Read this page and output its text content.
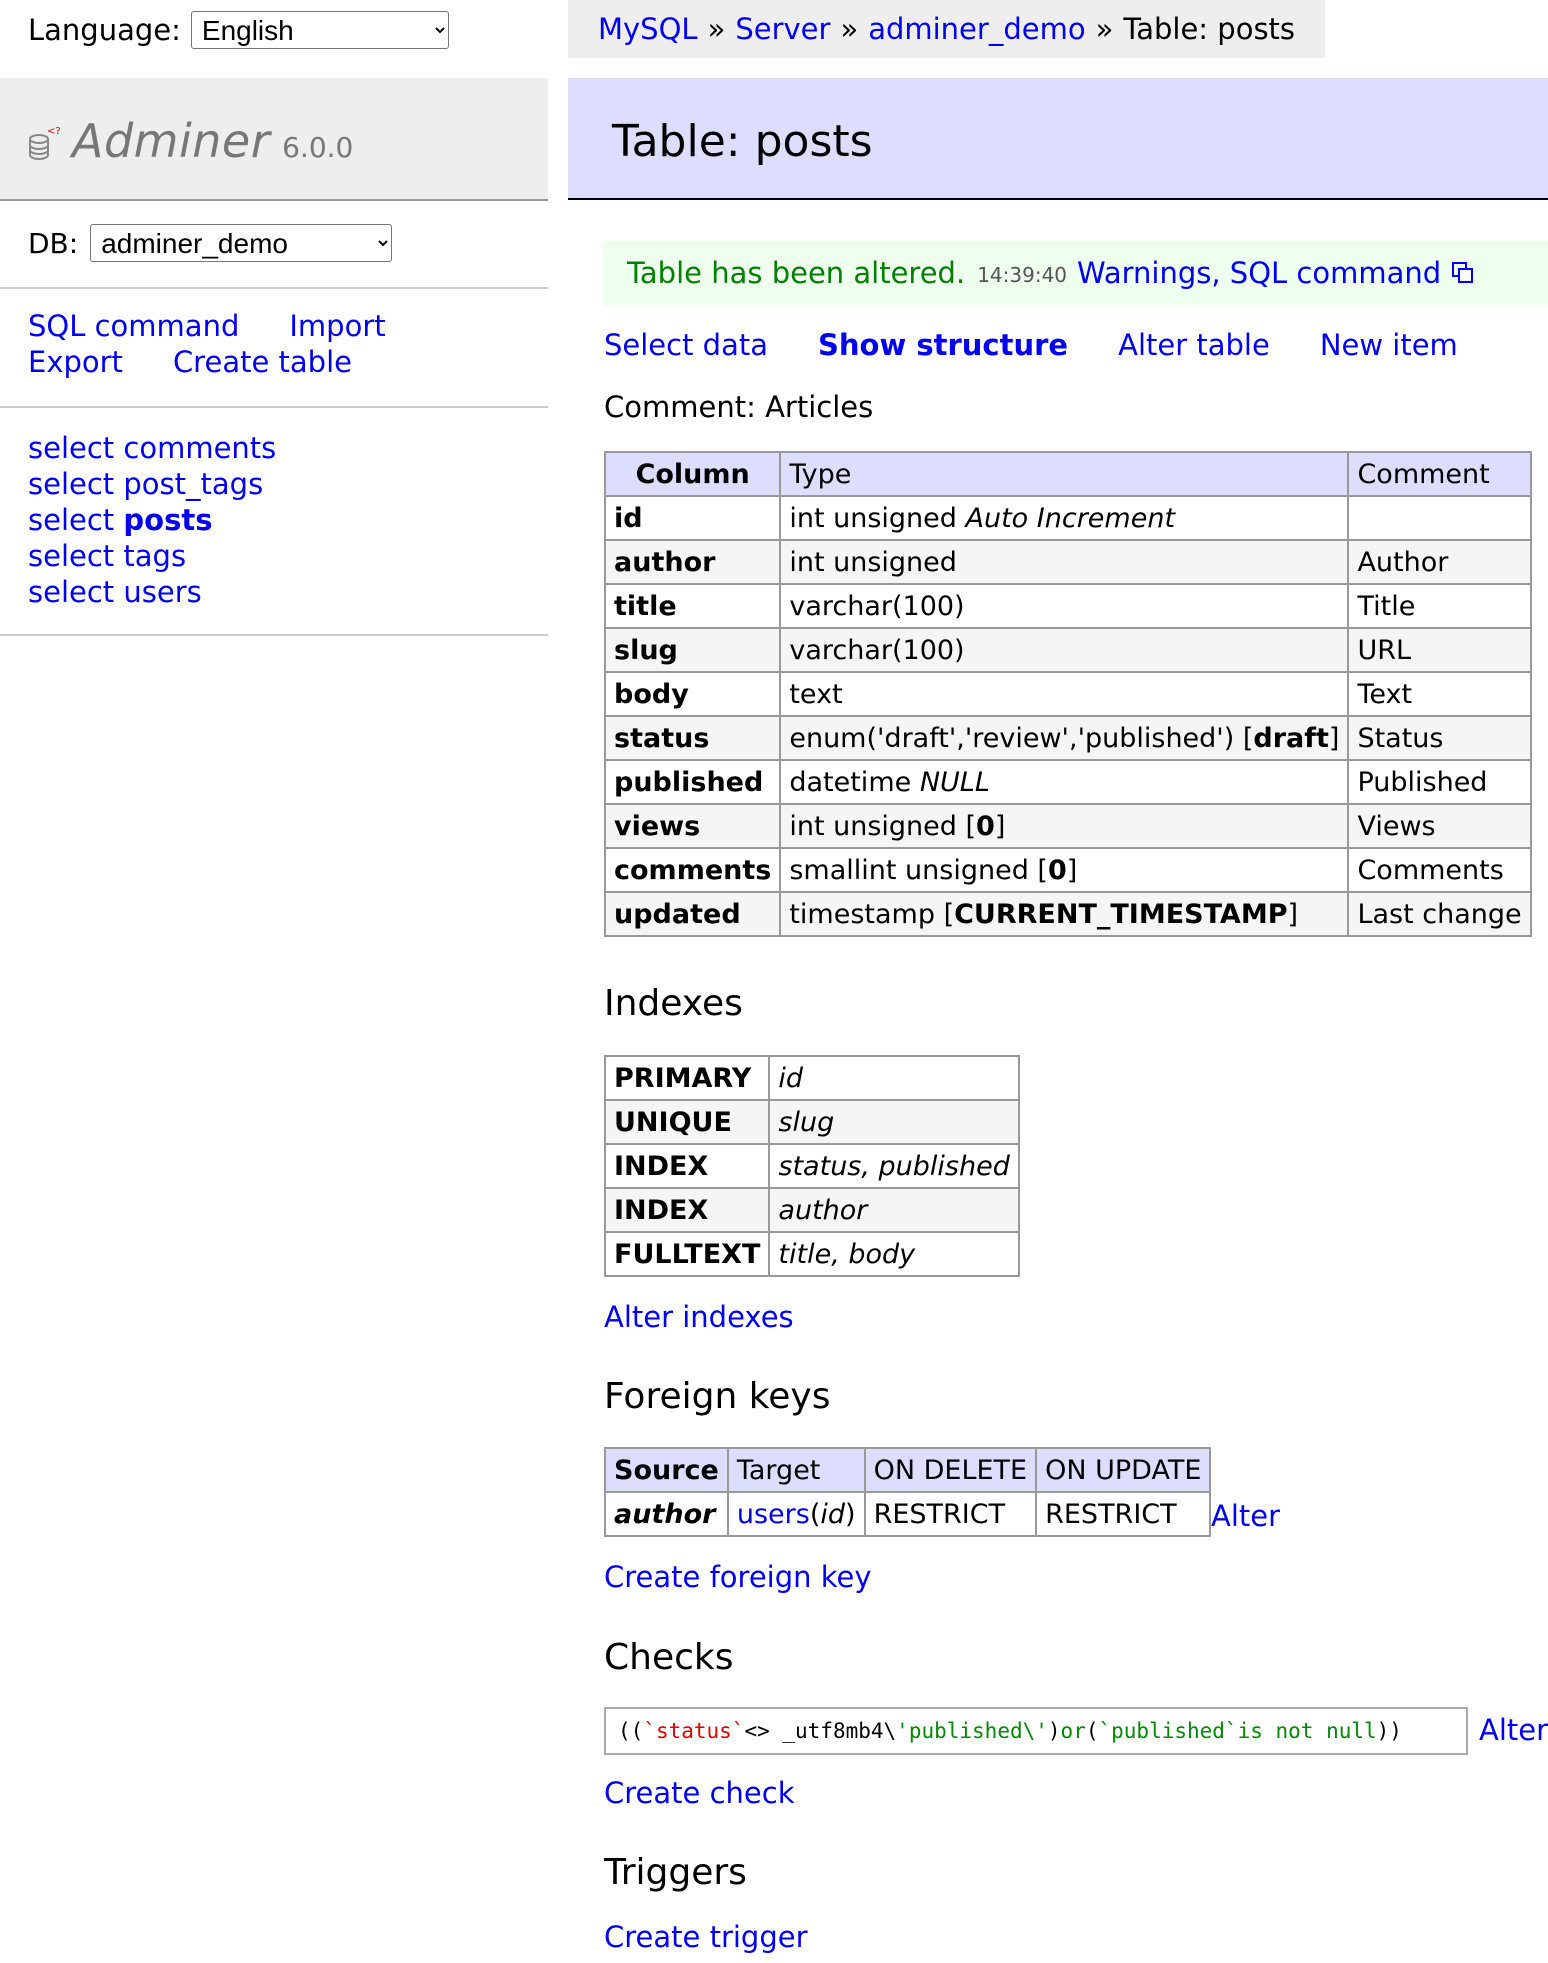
Language:
English
<? Adminer 6.0.0
DB:
adminer_demo
SQL command Import
Export Create table
select comments
select post_tags
select posts
select tags
select users
MySQL » Server » adminer_demo » Table: posts
Table: posts
Table has been altered. 14:39:40 Warnings ,
SQL command
Select data Show structure Alter table New item
Comment: Articles
Column	Type	Comment
id	int unsigned Auto Increment	
author	int unsigned	Author
title	varchar(100)	Title
slug	varchar(100)	URL
body	text	Text
status	enum('draft','review','published') [draft]	Status
published	datetime NULL	Published
views	int unsigned [0]	Views
comments	smallint unsigned [0]	Comments
updated	timestamp [CURRENT_TIMESTAMP]	Last change
Indexes
PRIMARY	id
UNIQUE	slug
INDEX	status, published
INDEX	author
FULLTEXT	title, body
Alter indexes
Foreign keys
Source	Target	ON DELETE	ON UPDATE
author	users(id)	RESTRICT	RESTRICT Alter
Create foreign key
Checks
(( `status` <> _utf8mb4\ 'published\' ) or ( `published` is not null ))	Alter
Create check
Triggers
Create trigger
